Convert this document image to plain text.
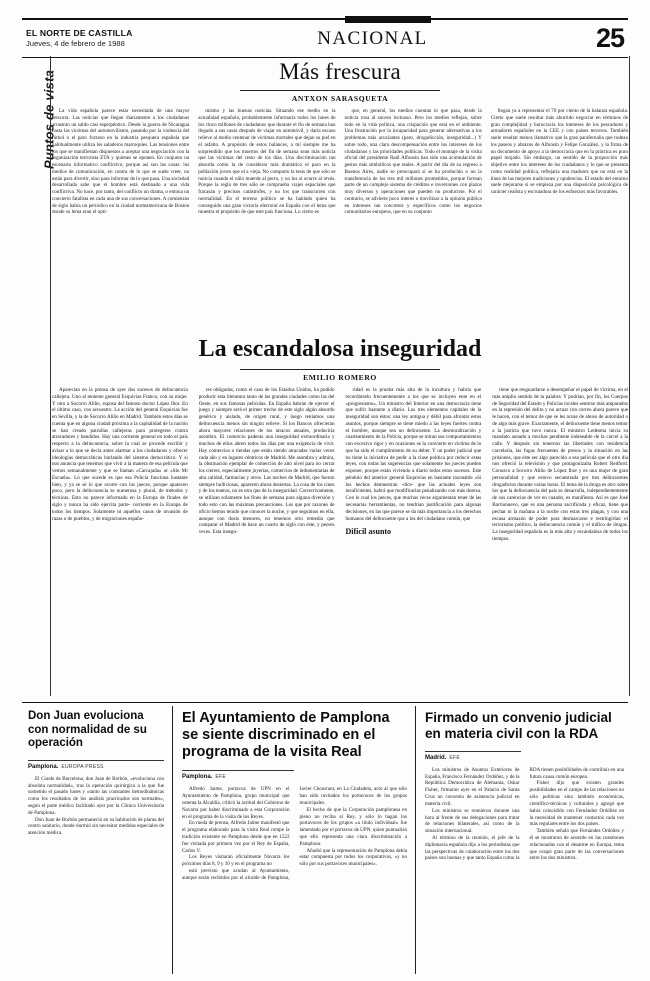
EL NORTE DE CASTILLA
Jueves, 4 de febrero de 1988	NACIONAL	25
Puntos de vista	Más frescura
ANTXON SARASQUETA

La vida española parece estar necesitada de una mayor frescura. Las noticias que llegan diariamente a los ciudadanos arrastran un saldo casi esperpéntico. Desde la guerra de Nicaragua hasta las víctimas del automovilismo, pasando por la violencia del fútbol o el paro forzoso en la industria pesquera española que habitualmente utiliza los saladeros marroquíes. Las tensiones entre los que se manifiestan dispuestos a aceptar una negociación con la organización terrorista ETA y quienes se oponen. En conjunto un escenario informativo conflictivo, porque así son las cosas: los medios de comunicación, en contra de lo que se suele creer, no están para divertir, sino para informar de lo que pasa. Una sociedad desarrollada sabe que el hombre está destinado a una vida conflictiva. No hace, por tanto, del conflicto un drama, o entona un concierto fatalista en cada una de sus conversaciones. A comienzos de siglo había un periódico en la ciudad norteamericana de Boston donde su lema eran el opti-

mismo y las buenas noticias. Situando ese medio en la actualidad española, probablemente informaría todos los lunes de los cinco millones de ciudadanos que durante el fin de semana han llegado a sus casas después de viajar en automóvil, y daría escaso relieve al medio centenar de víctimas mortales que dejan su piel en el asfalto. A propósito de estos balances, a mí siempre me ha sorprendido que los muertos del fin de semana sean más noticia que las víctimas del resto de los días. Una discriminación tan absurda como la de considerar más dramático el paro en la población joven que el a vieja. No comparto la tesis de que sólo se noticia cuando el niño muerde al perro, y no los si ocurre al revés. Porque la regla de tres sólo se comprueba viajes espaciales que fracasan y precisos catástrofes, y no los que transcurren con normalidad. En el terreno político se ha hablado quien ha conseguido una gran victoria electoral en España con el lema que muestra el propósito de que este país funciona. Lo cierto es

que, en general, los medios cuentan lo que pasa, desde la noticia rosa al suceso luctuoso. Pero los medios reflejan, sobre todo en la vida política, una crispación que está en el ambiente. Una frustración por la incapacidad para generar alternativas a los problemas más acuciantes (paro, drogadicción, inseguridad...) Y sobre todo, una clara descompensación entre los intereses de los ciudadanos y las prioridades políticas. Todo el montaje de la visita oficial del presidente Raúl Alfonsín han sido una acumulación de gestos más simbólicos que reales. A partir del día de su regreso a Buenos Aires, nadie se preocupará si se ha producido o no la transferencia de los tres mil millones prometidos, porque forman parte de un complejo sistema de créditos e inversiones con plazos muy diversos y operaciones que pueden no producirse. Por el contrario, se advierte poco interés o movilizar a la opinión pública en intereses tan concretos y específicos como los negocios comunitarios europeos, que en su conjunto

llegan ya a representar el 70 por ciento de la balanza española. Cierto que suele resultar más aburrido negociar en términos de gran complejidad y burocracia los intereses de los pescadores y armadores españoles en la CEE y con países terceros. También suele resultar menos llamativo que la gran parafernalia que rodean los paseos y abrazos de Alfonsín y Felipe González, y la firma de un documento de apoyo a la democracia que en la práctica es puro papel mojado. Sin embargo, un sentido de la proporción más objetivo entre los intereses de los ciudadanos y lo que se presenta como realidad política, reflejaría una madurez que no está en la línea de las mejores tradiciones y opulencias. El estado del entorno suele mejorarse si se empieza por una disposición psicológica de carácter realista y escrutadora de los esfuerzos más favorables.

La escandalosa inseguridad
EMILIO ROMERO

Aparecían en la prensa de ayer dos sucesos de delincuencia callejera. Uno al teniente general Esquivias Franco, con su mujer. Y otro a Socorro Aliño, esposa del famoso doctor López Ibor. En el último caso, con secuestro. La acción del general Esquivias fue en Sevilla, y la de Socorro Aliño en Madrid. También estos días se cuenta que en alguna ciudad próxima a la capitalidad de la nación se han creado patrullas callejeras para protegerse contra atracadores y bandidos. Hay una corriente general en todo el país respecto a la delincuencia, sobre la cual se procede escribir y avisar a lo que se decía antes alarmar a los ciudadanos y ofrecer ideologías democráticas burlando del sistema democrático. Y si nos anuncia que tenemos que vivir a la manera de esa película que vemos semanalmente y que se llaman «Carcajada» or «Sin Mi Escuela». Lo que sucede es que esa Policía funciona bastante bien, y ya se sé lo que ocurre con los jueces, porque aparecen poco, pero la delincuencia se numerosa y plural, de métodos y técnicas. Esto no parece informado en la Europa de finales de siglo y nunca ha sido ejercita parte- corriente en la Europa de todos los tiempos. Solamente ni aquellos casos de invasión de razas o de pueblos, y de migraciones españo-

res obligadas, como el caso de los Estados Unidos, ha podido producir esta literatura tanto de las grandes ciudades como las del Oeste, en sus famosas películas. En España habrán de ejercer el juego y siempre será el primer trecho de este siglo algún absurdo genérico y aislado, de origen rural, y luego teníamos una delincuencia menos sin ningún relieve. Si los Bancos ofrecieran ahora mayores relaciones de los atracos anuales, produciría asombro. El comercio paderas una inseguridad extraordinaria y muchos de ellos abren todos los días por una exigencia de vivir. Hay comercios o tiendas que están siendo atracadas varias veces cada año y en lugares céntricos de Madrid. Me asombra y admira, la obstinación ejemplar de comercios de alto nivel para no cerrar los cierres, especialmente joyerías, comercios de indumentarias de alta calidad, farmacias y otros. Las noches de Madrid, que fueron siempre bulliciosas, aparecen ahora desiertas. La cosa de los cines y de los teatros, no es otra que de la inseguridad. Correctivamente, se utilizan solamente los fines de semana para alguna diversión y todo esto con las máximas precauciones. Los que por razones de oficio hemos tenido que conocer la noche, y que seguimos en ella, aunque con dosis menores, no tenemos otro remedio que comparar el Madrid de hace un cuarto de siglo con éste, y peores veces. Esta insegu-

ridad es la prueba más alta de la incultura y habría que recordárselo frecuentemente a los que se incluyen ente en el «progresismo». Un ministro del Interior en una democracia tiene que sufrir bastante a diario. Los tres elementos capitales de la inseguridad son éstos: una ley antigua y débil para afrontar estos asuntos, porque siempre se tiene miedo a las leyes fuertes contra el hombre, aunque sea un delincuente. La desmoralización y cuarteamiento de la Policía, porque se miran sus comportamientos con excesivo rigor y en ocasiones se la convierte en víctima de lo que ha sido el cumplimiento de su deber. Y un poder judicial que no tiene la iniciativa de pedir a la clase política por reducir estas leyes, con todas las sugerencias que solamente los jueces pueden exponer, porque están viviendo a diario todos estos sucesos. Este péndulo del anterior general Esquivias en bastante razonable «Si los hechos demuestran -dice- que las actuales leyes son insuficientes, habrá que modificarlas penalizando con más dureza. Con lo cual los jueces, que muchas veces argumentan tener de las necesarias herramientas, no tendrían justificación para algunas decisiones, en las que parece se da más importancia a los derechos humanos del delincuente que a los del ciudadano común, que

Difícil asunto

tiene que resguardarse a desempeñar el papel de víctima, en el más amplio sentido de la palabra. Y podrían, por fin, los Cuerpos de Seguridad del Estado y Policías locales sentirse más amparados en la represión del delito y no actuar con correo ahora parece que le hacen, con el temor de que se les acuse de abuso de autoridad o de algo más grave. Exactamente, el delincuente tiene menos temor a la justicia que tuvo nunca. El ministro Ledesma inicia su mandato aunado a muchas pendiente indeseable de la cárcel a la calle. Y después sin tenernos las libertades con residencia carcelaria, las fugas frecuentes de presos y la situación en las prisiones, que éste ser algo parecido a esa película que el otro día nos ofreció la televisión y que protagonizaba Robert Redford. Conozco a Socorro Aliño de López Ibor y es una mujer de gran personalidad y que estuvo secuestrada por tres delincuentes drogadictos durante varias horas. El tema de la droga es otro sobre los que la delincuencia del país se desarrolla, independientemente de sus carencias de ver en cuando, es manifiesta. Así es que José Barrionuevo, que es una persona sacrificada y eficaz, tiene que pechar ni la mañana a la noche con estas tres plagas, y con una escasa armazón de poder para desmarcarse e restringirlas: el terrorismo político, la delincuencia común y el tráfico de drogas. La inseguridad española es la más alta y escandalosa de todos los tiempos.

Don Juan evoluciona con normalidad de su operación
Pamplona. EUROPA PRESS

El Conde de Barcelona, don Juan de Borbón, «evoluciona con absoluta normalidad», tras la operación quirúrgica a la que fue sometido el pasado lunes y «tanto las constantes hemodinámicas como los resultados de los análisis practicados son normales», según el parte médico facilitado ayer por la Clínica Universitaria de Pamplona.

Don Juan de Borbón permaneció en su habitación de planta del centro sanitario, donde durmió sin necesitar medidas especiales de atención médica.

El Ayuntamiento de Pamplona se siente discriminado en el programa de la visita Real
Pamplona. EFE

Alfredo Jaime, portavoz de UPN en el Ayuntamiento de Pamplona, grupo municipal que ostenta la Alcaldía, criticó la actitud del Gobierno de Navarra por haber discriminado a esta Corporación en el programa de la visita de los Reyes.

En rueda de prensa, Alfredo Jaime manifestó que el programa elaborado para la visita Real rompe la tradición existente en Pamplona desde que en 1522 fue visitada por primera vez por el Rey de España, Carlos V.

Los Reyes visitarán oficialmente Navarra los próximos días 8, 9 y 10 y en el programa no

está previsto que acudan al Ayuntamiento, aunque serán recibidos por el alcalde de Pamplona, Javier Chourraut, en La Ciudadela, acto al que sólo han sido invitados los portavoces de los grupos municipales.

El hecho de que la Corporación pamplonesa en pleno no reciba al Rey, y sólo lo hagan los portavoces de los grupos «a título individual» fue lamentado por el portavoz de UPN, quien puntualizó que ello representa una clara discriminación a Pamplona.

Añadió que la representación de Pamplona debía estar compuesta por todos los corporativos, «y no sólo por sus portavoces municipales».

Firmado un convenio judicial en materia civil con la RDA
Madrid. EFE

Los ministros de Asuntos Exteriores de España, Francisco Fernández Ordóñez, y de la República Democrática de Alemania, Oskar Fisher, firmaron ayer en el Palacio de Santa Cruz un convenio de asistencia judicial en materia civil.

Los ministros se reunieron durante una hora al frente de sus delegaciones para tratar de relaciones bilaterales, así como de la situación internacional.

Al término de la reunión, el jefe de la diplomacia española dijo a los periodistas que las perspectivas de colaboración entre los dos países son buenas y que tanto España como la RDA tienen posibilidades de contribuir en una futura causa común europea.

Fisher dijo que existen grandes posibilidades en el campo de las relaciones no sólo políticas sino también económicas, científico-técnicas y culturales y agregó que había coincidido con Fernández Ordóñez en la necesidad de mantener contactos cada vez más regulares entre los dos países.

También señaló que Fernández Ordóñez y él se mostraron de acuerdo en las cuestiones relacionadas con el desarme en Europa, tema que ocupó gran parte de las conversaciones entre los dos ministros.
